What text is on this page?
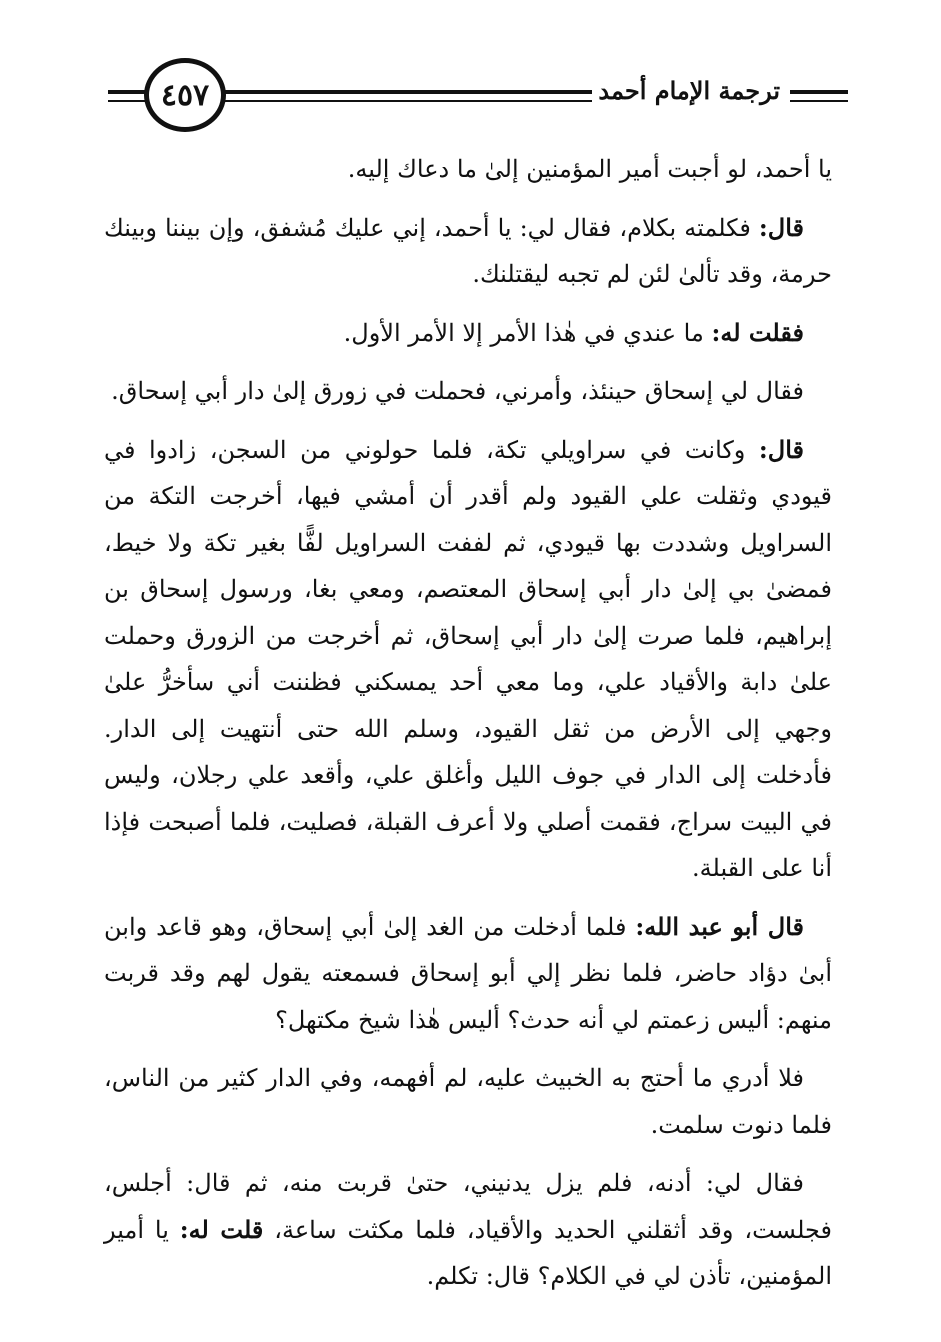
٤٥٧	ترجمة الإمام أحمد

يا أحمد، لو أجبت أمير المؤمنين إلىٰ ما دعاك إليه.

قال: فكلمته بكلام، فقال لي: يا أحمد، إني عليك مُشفق، وإن بيننا وبينك حرمة، وقد تألىٰ لئن لم تجبه ليقتلنك.

فقلت له: ما عندي في هٰذا الأمر إلا الأمر الأول.

فقال لي إسحاق حينئذ، وأمرني، فحملت في زورق إلىٰ دار أبي إسحاق.

قال: وكانت في سراويلي تكة، فلما حولوني من السجن، زادوا في قيودي وثقلت علي القيود ولم أقدر أن أمشي فيها، أخرجت التكة من السراويل وشددت بها قيودي، ثم لففت السراويل لفًّا بغير تكة ولا خيط، فمضىٰ بي إلىٰ دار أبي إسحاق المعتصم، ومعي بغا، ورسول إسحاق بن إبراهيم، فلما صرت إلىٰ دار أبي إسحاق، ثم أخرجت من الزورق وحملت علىٰ دابة والأقياد علي، وما معي أحد يمسكني فظننت أني سأخرُّ علىٰ وجهي إلى الأرض من ثقل القيود، وسلم الله حتى أنتهيت إلى الدار. فأدخلت إلى الدار في جوف الليل وأغلق علي، وأقعد علي رجلان، وليس في البيت سراج، فقمت أصلي ولا أعرف القبلة، فصليت، فلما أصبحت فإذا أنا على القبلة.

قال أبو عبد الله: فلما أدخلت من الغد إلىٰ أبي إسحاق، وهو قاعد وابن أبىٰ دؤاد حاضر، فلما نظر إلي أبو إسحاق فسمعته يقول لهم وقد قربت منهم: أليس زعمتم لي أنه حدث؟ أليس هٰذا شيخ مكتهل؟

فلا أدري ما أحتج به الخبيث عليه، لم أفهمه، وفي الدار كثير من الناس، فلما دنوت سلمت.

فقال لي: أدنه، فلم يزل يدنيني، حتىٰ قربت منه، ثم قال: أجلس، فجلست، وقد أثقلني الحديد والأقياد، فلما مكثت ساعة، قلت له: يا أمير المؤمنين، تأذن لي في الكلام؟ قال: تكلم.
